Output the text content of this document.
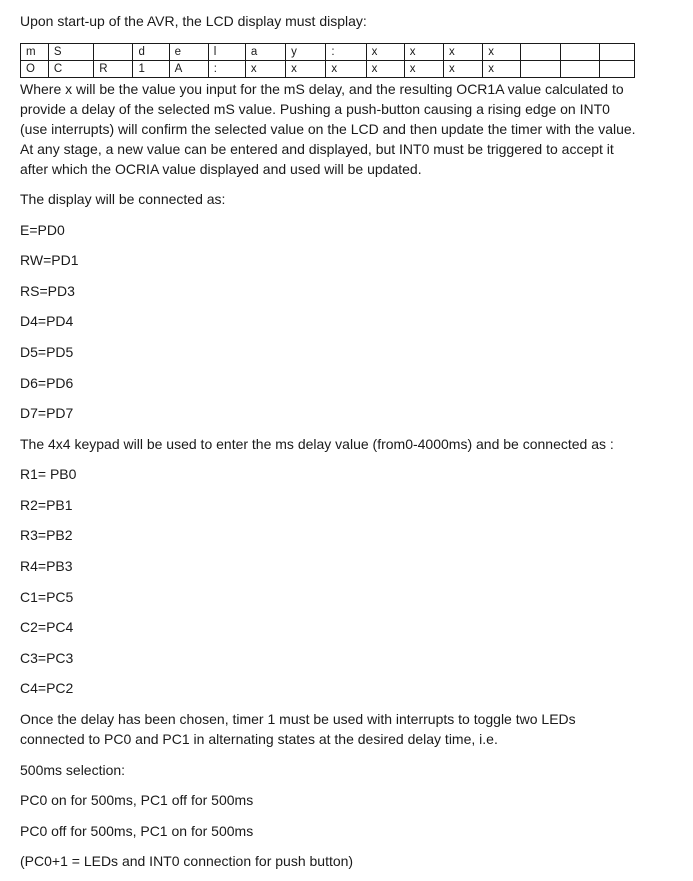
Upon start-up of the AVR, the LCD display must display:

m	S		d	e	l	a	y	:	x	x	x	x			
O	C	R	1	A	:	x	x	x	x	x	x	x			

Where x will be the value you input for the mS delay, and the resulting OCR1A value calculated to provide a delay of the selected mS value. Pushing a push-button causing a rising edge on INT0 (use interrupts) will confirm the selected value on the LCD and then update the timer with the value. At any stage, a new value can be entered and displayed, but INT0 must be triggered to accept it after which the OCRIA value displayed and used will be updated.

The display will be connected as:

E=PD0

RW=PD1

RS=PD3

D4=PD4

D5=PD5

D6=PD6

D7=PD7

The 4x4 keypad will be used to enter the ms delay value (from0-4000ms) and be connected as :

R1= PB0

R2=PB1

R3=PB2

R4=PB3

C1=PC5

C2=PC4

C3=PC3

C4=PC2

Once the delay has been chosen, timer 1 must be used with interrupts to toggle two LEDs connected to PC0 and PC1 in alternating states at the desired delay time, i.e.

500ms selection:

PC0 on for 500ms, PC1 off for 500ms

PC0 off for 500ms, PC1 on for 500ms

(PC0+1 = LEDs and INT0 connection for push button)
